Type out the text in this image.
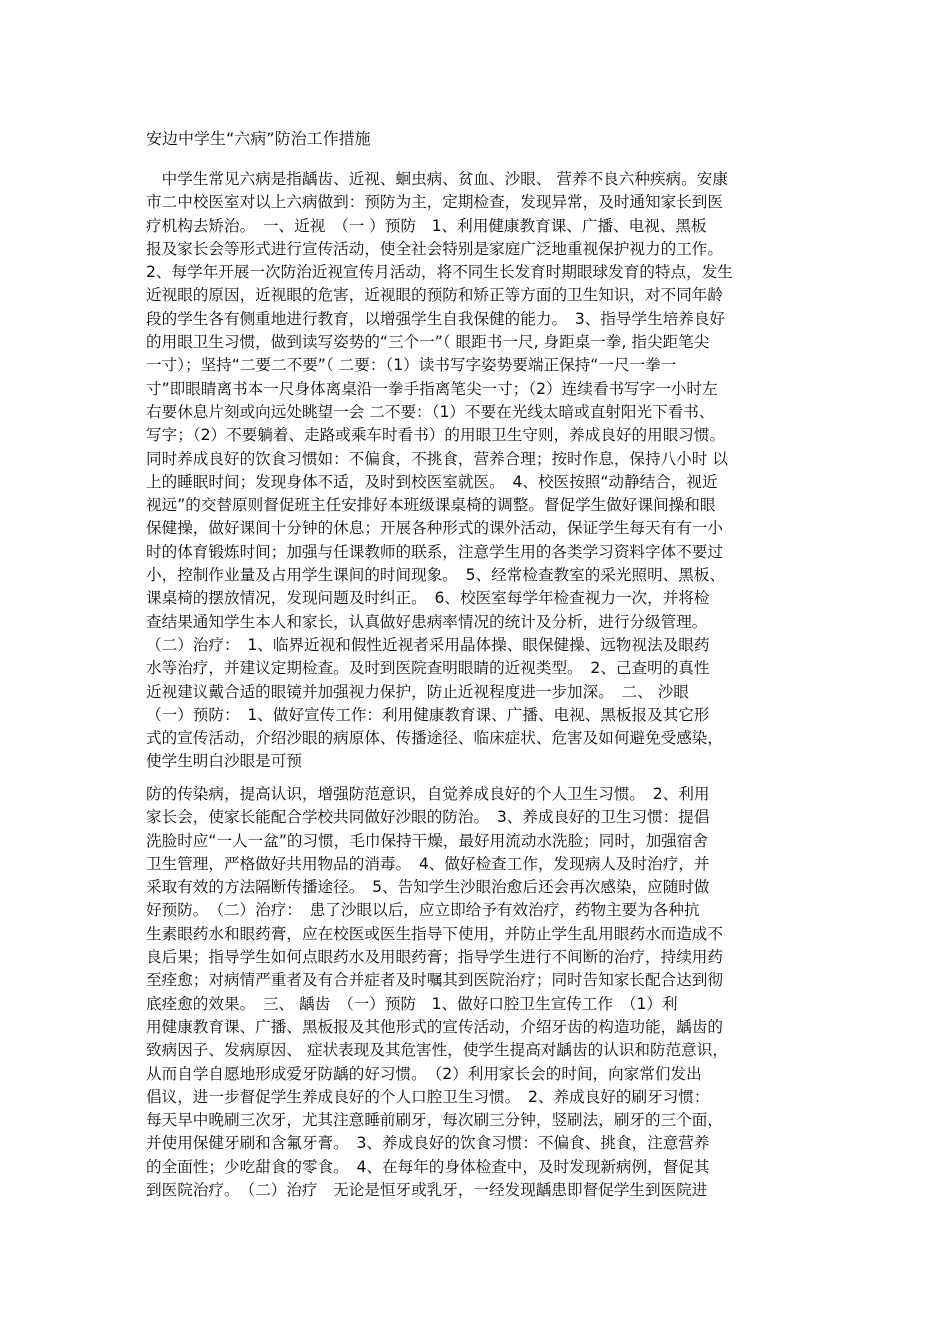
安边中学生“六病”防治工作措施
　中学生常见六病是指龋齿、近视、蛔虫病、贫血、沙眼、 营养不良六种疾病。安康
市二中校医室对以上六病做到：预防为主，定期检查，发现异常，及时通知家长到医
疗机构去矫治。　一、近视　（一 ）预防　1、利用健康教育课、广播、电视、黑板
报及家长会等形式进行宣传活动，使全社会特别是家庭广泛地重视保护视力的工作。
2、每学年开展一次防治近视宣传月活动，将不同生长发育时期眼球发育的特点，发生
近视眼的原因，近视眼的危害，近视眼的预防和矫正等方面的卫生知识，对不同年龄
段的学生各有侧重地进行教育，以增强学生自我保健的能力。　3、指导学生培养良好
的用眼卫生习惯，做到读写姿势的“三个一”（ 眼距书一尺, 身距桌一拳, 指尖距笔尖
一寸）；坚持“二要二不要”（ 二要：（1）读书写字姿势要端正保持“一尺一拳一
寸”即眼睛离书本一尺身体离桌沿一拳手指离笔尖一寸；（2）连续看书写字一小时左
右要休息片刻或向远处眺望一会 二不要：（1）不要在光线太暗或直射阳光下看书、
写字；（2）不要躺着、走路或乘车时看书）的用眼卫生守则，养成良好的用眼习惯。
同时养成良好的饮食习惯如：不偏食，不挑食，营养合理；按时作息，保持八小时 以
上的睡眠时间；发现身体不适，及时到校医室就医。　4、校医按照“动静结合，视近
视远”的交替原则督促班主任安排好本班级课桌椅的调整。督促学生做好课间操和眼
保健操，做好课间十分钟的休息；开展各种形式的课外活动，保证学生每天有有一小
时的体育锻炼时间；加强与任课教师的联系，注意学生用的各类学习资料字体不要过
小，控制作业量及占用学生课间的时间现象。　5、经常检查教室的采光照明、黑板、
课桌椅的摆放情况，发现问题及时纠正。　6、校医室每学年检查视力一次，并将检
查结果通知学生本人和家长，认真做好患病率情况的统计及分析，进行分级管理。
（二）治疗：　1、临界近视和假性近视者采用晶体操、眼保健操、远物视法及眼药
水等治疗，并建议定期检查。及时到医院查明眼睛的近视类型。　2、己查明的真性
近视建议戴合适的眼镜并加强视力保护，防止近视程度进一步加深。　二、 沙眼
（一）预防：　1、做好宣传工作：利用健康教育课、广播、电视、黑板报及其它形
式的宣传活动，介绍沙眼的病原体、传播途径、临床症状、危害及如何避免受感染，
使学生明白沙眼是可预
防的传染病，提高认识，增强防范意识，自觉养成良好的个人卫生习惯。　2、利用
家长会，使家长能配合学校共同做好沙眼的防治。　3、养成良好的卫生习惯：提倡
洗脸时应“一人一盆”的习惯，毛巾保持干燥，最好用流动水洗脸；同时，加强宿舍
卫生管理，严格做好共用物品的消毒。　4、做好检查工作，发现病人及时治疗，并
采取有效的方法隔断传播途径。　5、告知学生沙眼治愈后还会再次感染，应随时做
好预防。　（二）治疗：　患了沙眼以后，应立即给予有效治疗，药物主要为各种抗
生素眼药水和眼药膏，应在校医或医生指导下使用，并防止学生乱用眼药水而造成不
良后果；指导学生如何点眼药水及用眼药膏；指导学生进行不间断的治疗，持续用药
至痊愈；对病情严重者及有合并症者及时嘱其到医院治疗；同时告知家长配合达到彻
底痊愈的效果。　三、 龋齿　（一）预防　1、做好口腔卫生宣传工作　（1）利
用健康教育课、广播、黑板报及其他形式的宣传活动，介绍牙齿的构造功能，龋齿的
致病因子、发病原因、 症状表现及其危害性，使学生提高对龋齿的认识和防范意识，
从而自学自愿地形成爱牙防龋的好习惯。　（2）利用家长会的时间，向家常们发出
倡议，进一步督促学生养成良好的个人口腔卫生习惯。　2、养成良好的刷牙习惯：
每天早中晚刷三次牙，尤其注意睡前刷牙，每次刷三分钟，竖刷法，刷牙的三个面，
并使用保健牙刷和含氟牙膏。　3、养成良好的饮食习惯：不偏食、挑食，注意营养
的全面性；少吃甜食的零食。　4、在每年的身体检查中，及时发现新病例，督促其
到医院治疗。　（二）治疗　无论是恒牙或乳牙，一经发现龋患即督促学生到医院进
